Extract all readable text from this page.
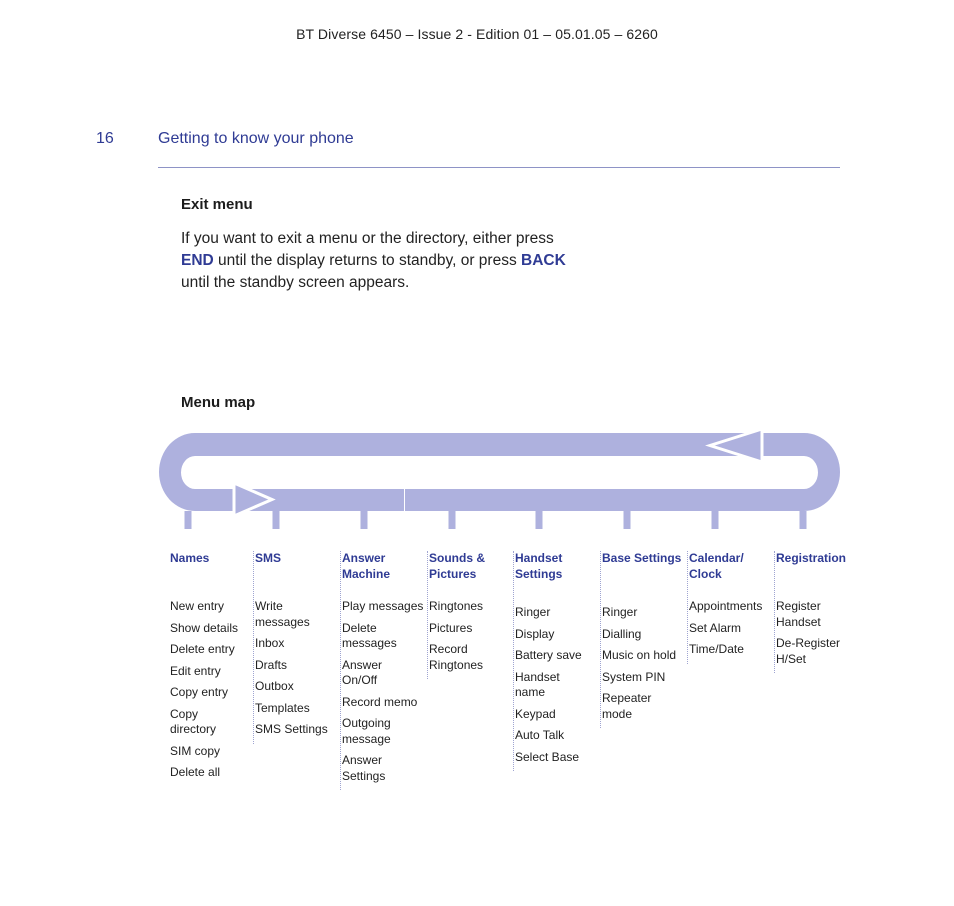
BT Diverse 6450 – Issue 2 - Edition 01 – 05.01.05 – 6260
16	Getting to know your phone
Exit menu
If you want to exit a menu or the directory, either press
END until the display returns to standby, or press BACK
until the standby screen appears.
Menu map
Names
New entry
Show details
Delete entry
Edit entry
Copy entry
Copy
directory
SIM copy
Delete all
SMS
Write
messages
Inbox
Drafts
Outbox
Templates
SMS Settings
Answer
Machine
Play messages
Delete
messages
Answer
On/Off
Record memo
Outgoing
message
Answer
Settings
Sounds &
Pictures
Ringtones
Pictures
Record
Ringtones
Handset
Settings
Ringer
Display
Battery save
Handset
name
Keypad
Auto Talk
Select Base
Base Settings
Ringer
Dialling
Music on hold
System PIN
Repeater
mode
Calendar/
Clock
Appointments
Set Alarm
Time/Date
Registration
Register
Handset
De-Register
H/Set
